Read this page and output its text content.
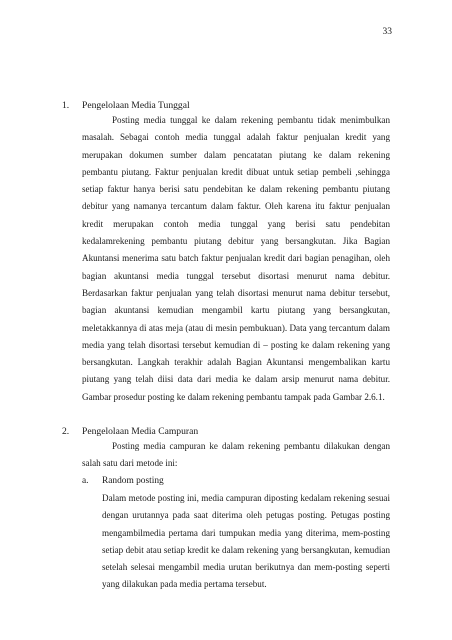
33
1.	Pengelolaan Media Tunggal

Posting media tunggal ke dalam rekening pembantu tidak menimbulkan masalah. Sebagai contoh media tunggal adalah faktur penjualan kredit yang merupakan dokumen sumber dalam pencatatan piutang ke dalam rekening pembantu piutang. Faktur penjualan kredit dibuat untuk setiap pembeli ,sehingga setiap faktur hanya berisi satu pendebitan ke dalam rekening pembantu piutang debitur yang namanya tercantum dalam faktur. Oleh karena itu faktur penjualan kredit merupakan contoh media tunggal yang berisi satu pendebitan kedalamrekening pembantu piutang debitur yang bersangkutan. Jika Bagian Akuntansi menerima satu batch faktur penjualan kredit dari bagian penagihan, oleh bagian akuntansi media tunggal tersebut disortasi menurut nama debitur. Berdasarkan faktur penjualan yang telah disortasi menurut nama debitur tersebut, bagian akuntansi kemudian mengambil kartu piutang yang bersangkutan, meletakkannya di atas meja (atau di mesin pembukuan). Data yang tercantum dalam media yang telah disortasi tersebut kemudian di – posting ke dalam rekening yang bersangkutan. Langkah terakhir adalah Bagian Akuntansi mengembalikan kartu piutang yang telah diisi data dari media ke dalam arsip menurut nama debitur. Gambar prosedur posting ke dalam rekening pembantu tampak pada Gambar 2.6.1.

2.	Pengelolaan Media Campuran

Posting media campuran ke dalam rekening pembantu dilakukan dengan salah satu dari metode ini:

a.	Random posting

Dalam metode posting ini, media campuran diposting kedalam rekening sesuai dengan urutannya pada saat diterima oleh petugas posting. Petugas posting mengambilmedia pertama dari tumpukan media yang diterima, mem-posting setiap debit atau setiap kredit ke dalam rekening yang bersangkutan, kemudian setelah selesai mengambil media urutan berikutnya dan mem-posting seperti yang dilakukan pada media pertama tersebut.
